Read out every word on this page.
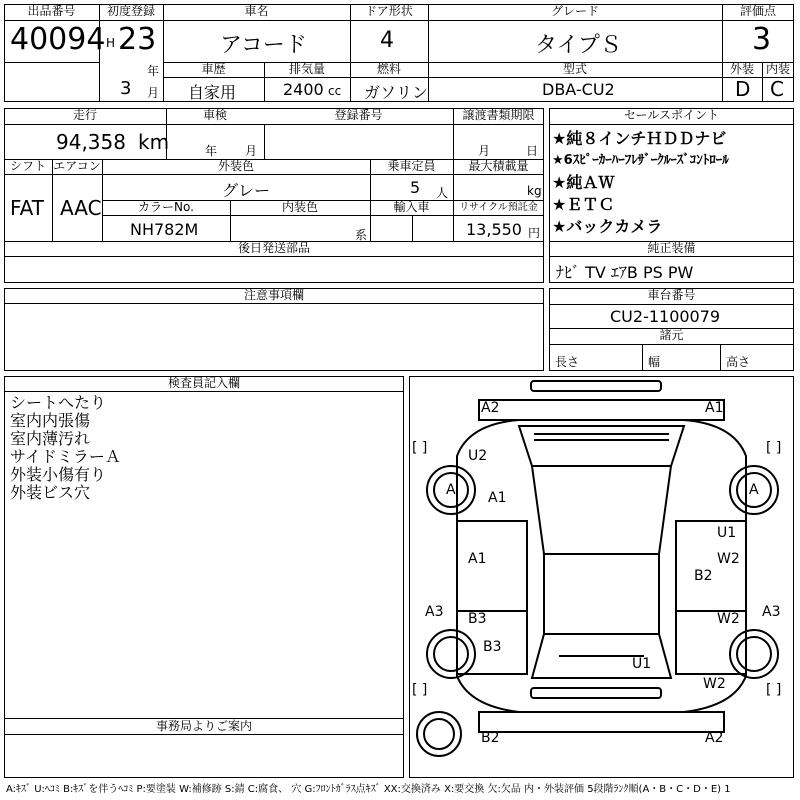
出品番号
40094
初度登録
H 23
年
3 月
車名
アコード
ドア形状
4
グレード
タイプＳ
評価点
3
車歴
自家用
排気量
2400 cc
燃料
ガソリン
型式
DBA-CU2
外装
D
内装
C
走行
94,358 km
車検
年 月
登録番号	譲渡書類期限
月	日
シフト
FAT
エアコン
AAC
外装色
グレー
乗車定員
5 人
最大積載量
kg
カラーNo.
NH782M
内装色
系
輸入車	リサイクル預託金
13,550 円
後日発送部品
セールスポイント
★純８インチＨＤＤナビ
★6ｽﾋﾟｰｶｰﾊｰﾌﾚｻﾞｰｸﾙｰｽﾞｺﾝﾄﾛｰﾙ
★純ＡＷ
★ＥＴＣ
★バックカメラ
純正装備
ﾅﾋﾞ TV ｴｱB PS PW
注意事項欄	車台番号
CU2-1100079
諸元
長さ	幅	高さ
検査員記入欄
シートへたり
室内内張傷
室内薄汚れ
サイドミラーＡ
外装小傷有り
外装ビス穴
事務局よりご案内
A2	A1
U2
A A1	A
U1
A1	W2
B2
A3 B3	W2 A3
B3
U1
W2
B2	A2
[ ]	[ ]
[ ]	[ ]
A:ｷｽﾞ U:ﾍｺﾐ B:ｷｽﾞを伴うﾍｺﾐ P:要塗装 W:補修跡 S:錆 C:腐食、 穴 G:ﾌﾛﾝﾄｶﾞﾗｽ点ｷｽﾞ XX:交換済み X:要交換 欠:欠品 内・外装評価 5段階ﾗﾝｸ順(A・B・C・D・E) 1
